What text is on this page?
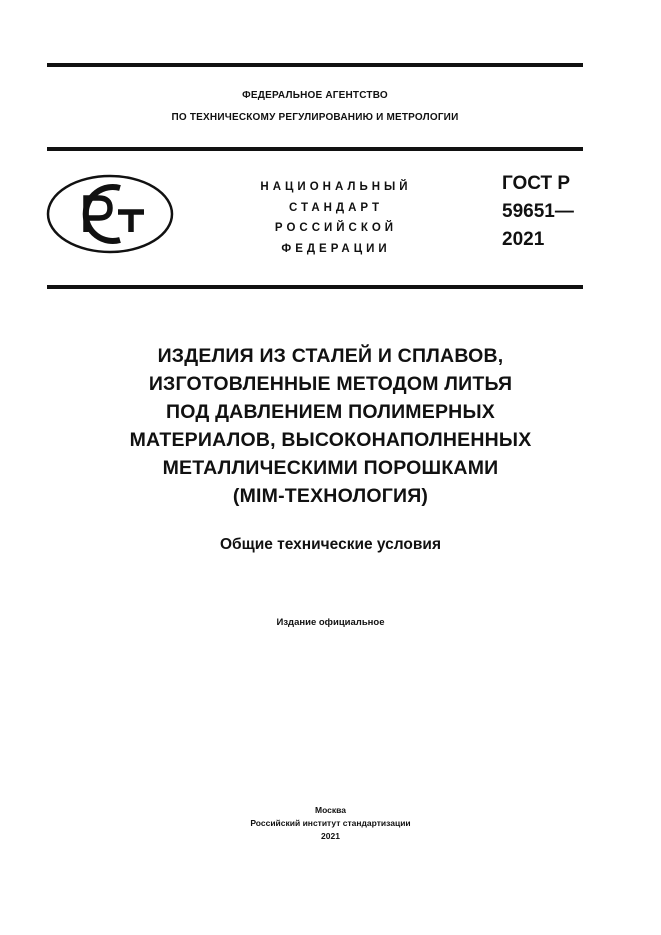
ФЕДЕРАЛЬНОЕ АГЕНТСТВО
ПО ТЕХНИЧЕСКОМУ РЕГУЛИРОВАНИЮ И МЕТРОЛОГИИ
НАЦИОНАЛЬНЫЙ
СТАНДАРТ
РОССИЙСКОЙ
ФЕДЕРАЦИИ
ГОСТ Р
59651—
2021
ИЗДЕЛИЯ ИЗ СТАЛЕЙ И СПЛАВОВ,
ИЗГОТОВЛЕННЫЕ МЕТОДОМ ЛИТЬЯ
ПОД ДАВЛЕНИЕМ ПОЛИМЕРНЫХ
МАТЕРИАЛОВ, ВЫСОКОНАПОЛНЕННЫХ
МЕТАЛЛИЧЕСКИМИ ПОРОШКАМИ
(MIM-ТЕХНОЛОГИЯ)
Общие технические условия
Издание официальное
Москва
Российский институт стандартизации
2021
